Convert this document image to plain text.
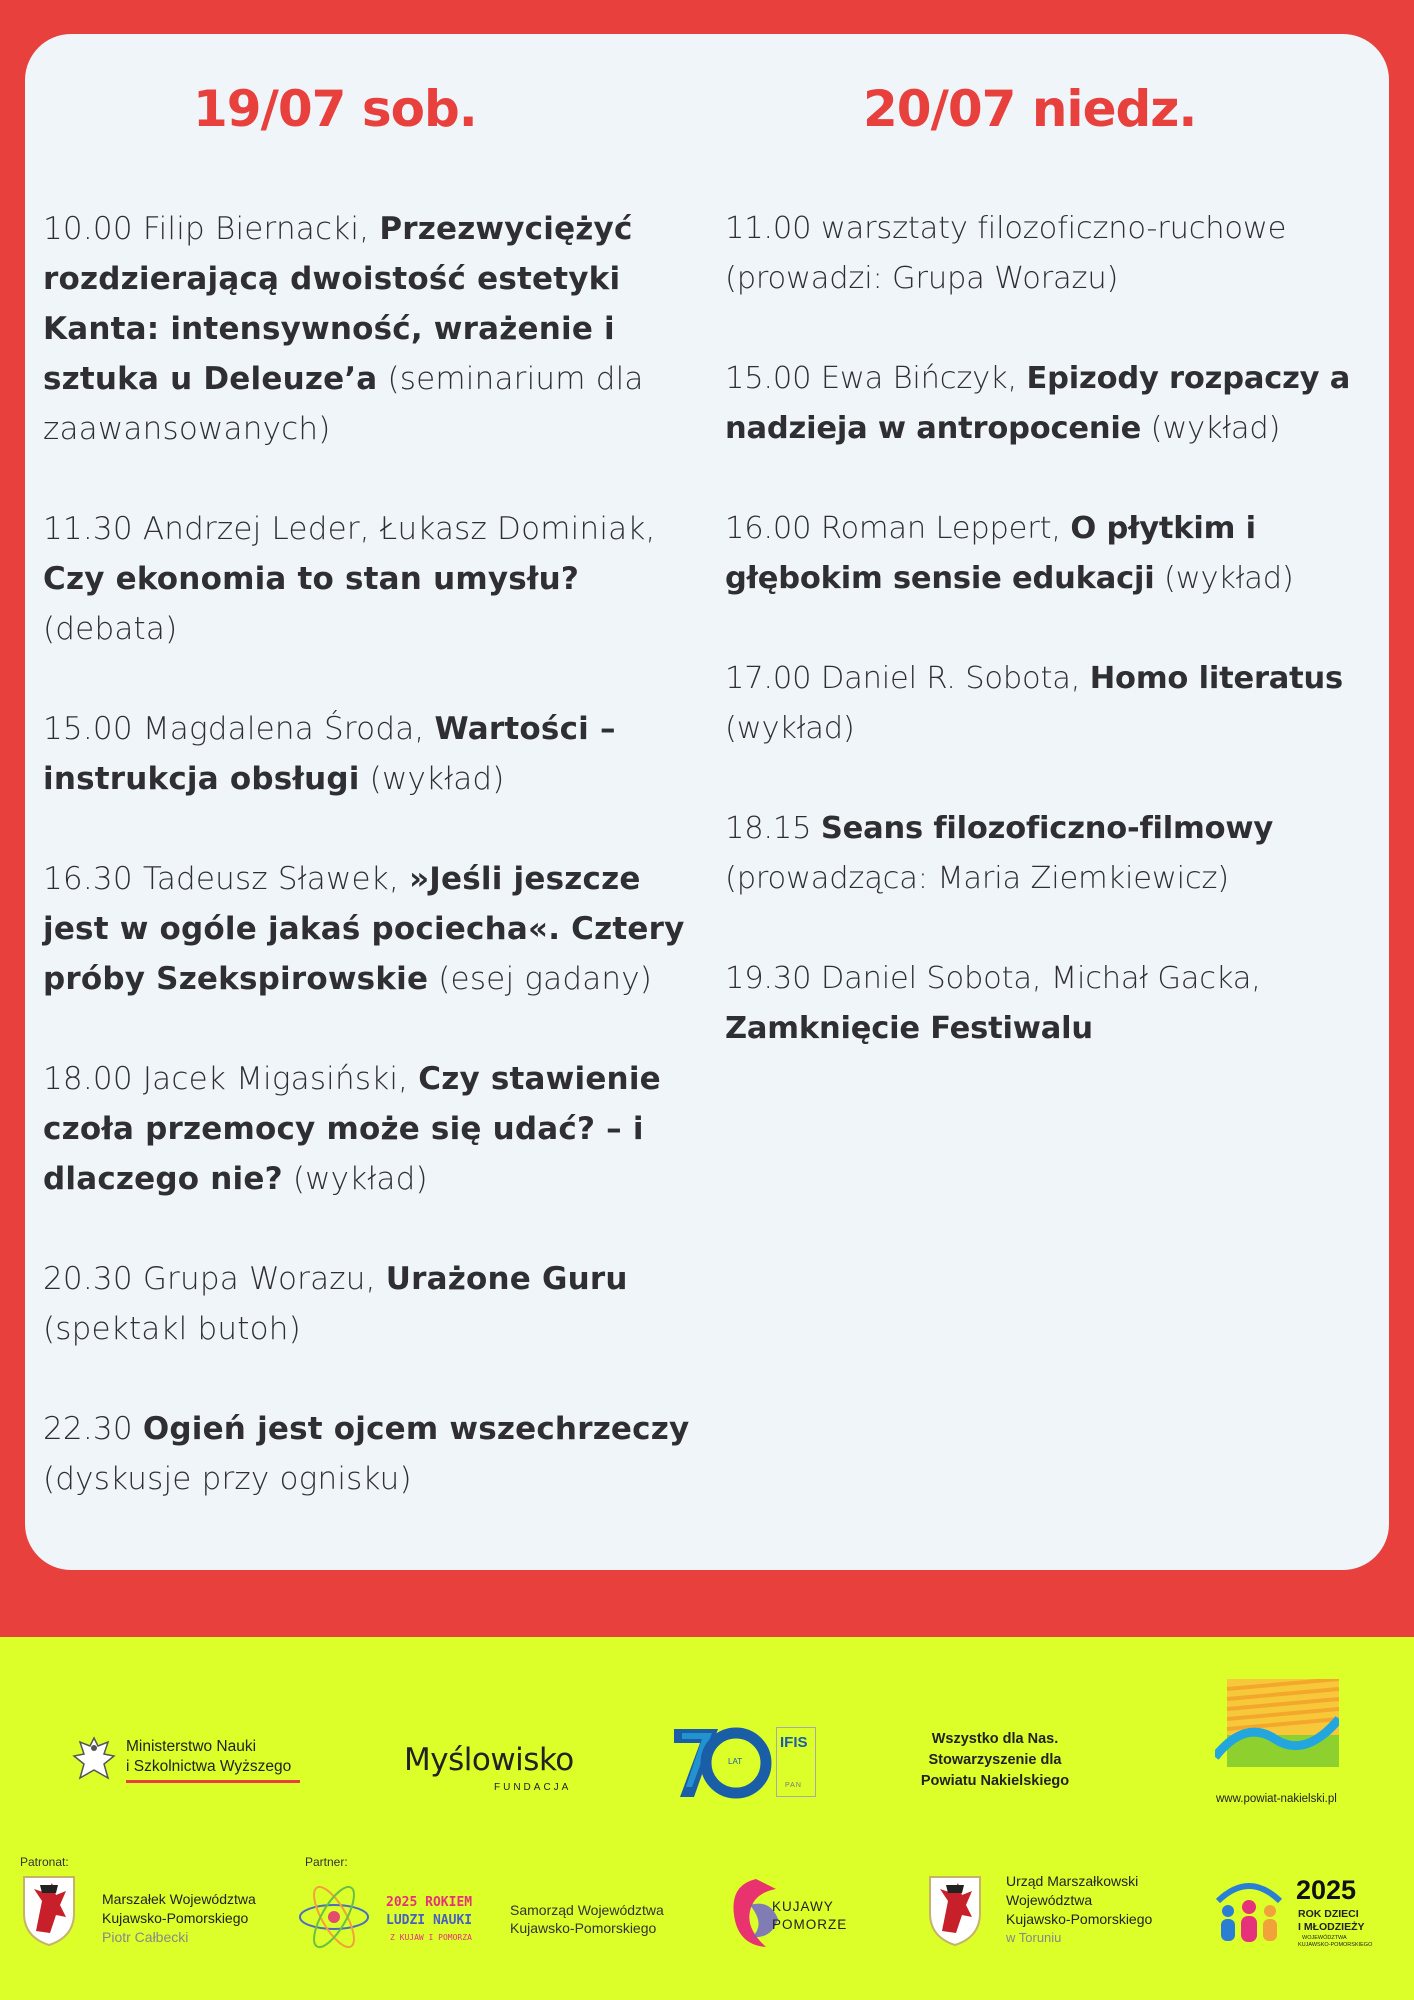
19/07 sob.

10.00 Filip Biernacki, Przezwyciężyć rozdzierającą dwoistość estetyki Kanta: intensywność, wrażenie i sztuka u Deleuze’a (seminarium dla zaawansowanych)

11.30 Andrzej Leder, Łukasz Dominiak, Czy ekonomia to stan umysłu? (debata)

15.00 Magdalena Środa, Wartości – instrukcja obsługi (wykład)

16.30 Tadeusz Sławek, »Jeśli jeszcze jest w ogóle jakaś pociecha«. Cztery próby Szekspirowskie (esej gadany)

18.00 Jacek Migasiński, Czy stawienie czoła przemocy może się udać? – i dlaczego nie? (wykład)

20.30 Grupa Worazu, Urażone Guru (spektakl butoh)

22.30 Ogień jest ojcem wszechrzeczy (dyskusje przy ognisku)

20/07 niedz.

11.00 warsztaty filozoficzno-ruchowe (prowadzi: Grupa Worazu)

15.00 Ewa Bińczyk, Epizody rozpaczy a nadzieja w antropocenie (wykład)

16.00 Roman Leppert, O płytkim i głębokim sensie edukacji (wykład)

17.00 Daniel R. Sobota, Homo literatus (wykład)

18.15 Seans filozoficzno-filmowy (prowadząca: Maria Ziemkiewicz)

19.30 Daniel Sobota, Michał Gacka, Zamknięcie Festiwalu

Ministerstwo Nauki
i Szkolnictwa Wyższego	Myślowisko
FUNDACJA
LAT
IFIS
PAN
Wszystko dla Nas.
Stowarzyszenie dla
Powiatu Nakielskiego
www.powiat-nakielski.pl
Patronat:	Partner:
Marszałek Województwa
Kujawsko-Pomorskiego
Piotr Całbecki
2025 ROKIEM
LUDZI NAUKI
Z KUJAW I POMORZA
Samorząd Województwa
Kujawsko-Pomorskiego
KUJAWY
POMORZE
Urząd Marszałkowski
Województwa
Kujawsko-Pomorskiego
w Toruniu
2025
ROK DZIECI
I MŁODZIEŻY
WOJEWÓDZTWA
KUJAWSKO-POMORSKIEGO
